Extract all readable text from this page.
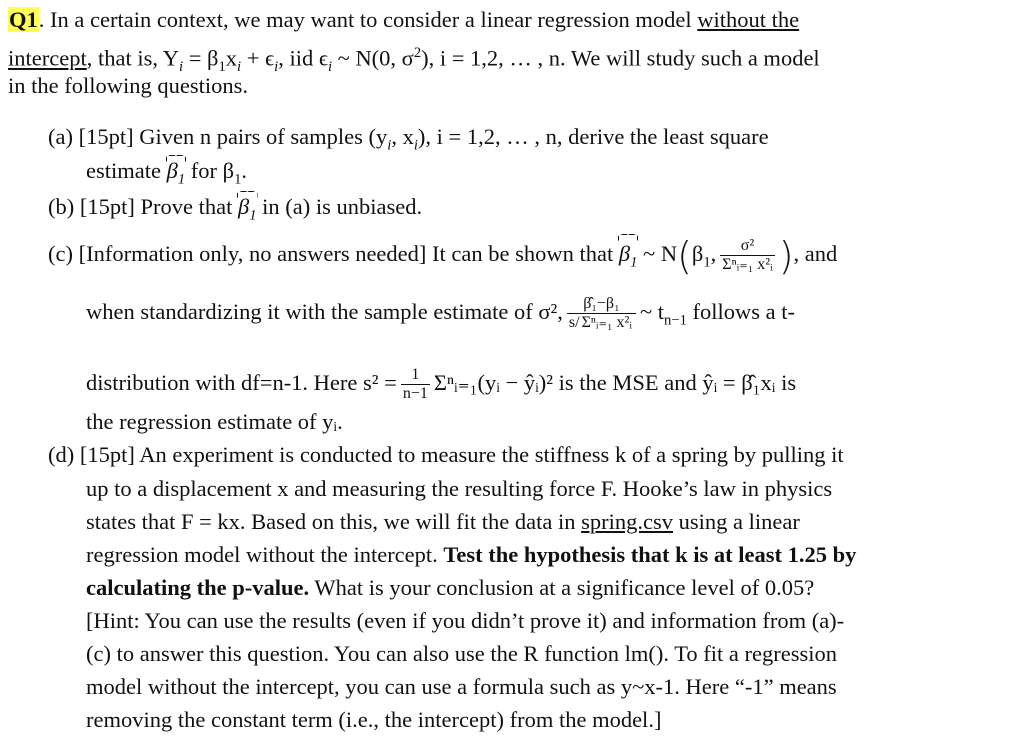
Q1. In a certain context, we may want to consider a linear regression model without the
intercept, that is, $Y_i = \beta_1x_i + \epsilon_i$, iid $\epsilon_i$ ~ N(0, $\sigma^2$), i = 1,2, … , n. We will study such a model
in the following questions.
(a) [15pt] Given n pairs of samples ($y_i$, $x_i$), i = 1,2, … , n, derive the least square
estimate $\beta_1$ for $\beta_1$.
(b) [15pt] Prove that $\beta_1$ in (a) is unbiased.
(c) [Information only, no answers needed] It can be shown that $\beta_1$ ~ $N(\beta_1$, $\frac{\text{σ²}}{\text{Σⁿᵢ₌₁ x²ᵢ}}$ ), and
when standardizing it with the sample estimate of σ², $\frac{\text{β̂₁−β₁}}{\text{s/ Σⁿᵢ₌₁ x²ᵢ}}$ ~ $t_{n-1}$ follows a t-
distribution with df=n-1. Here $s^2 = \frac{1}{n-1}$ Σⁿᵢ₌₁(yᵢ − ŷᵢ)² is the MSE and ŷᵢ = β̂₁xᵢ is
the regression estimate of yᵢ.
(d) [15pt] An experiment is conducted to measure the stiffness k of a spring by pulling it
up to a displacement x and measuring the resulting force F. Hooke’s law in physics
states that F = kx. Based on this, we will fit the data in spring.csv using a linear
regression model without the intercept. Test the hypothesis that k is at least 1.25 by
calculating the p-value. What is your conclusion at a significance level of 0.05?
[Hint: You can use the results (even if you didn’t prove it) and information from (a)-
(c) to answer this question. You can also use the R function lm(). To fit a regression
model without the intercept, you can use a formula such as y~x-1. Here “-1” means
removing the constant term (i.e., the intercept) from the model.]
